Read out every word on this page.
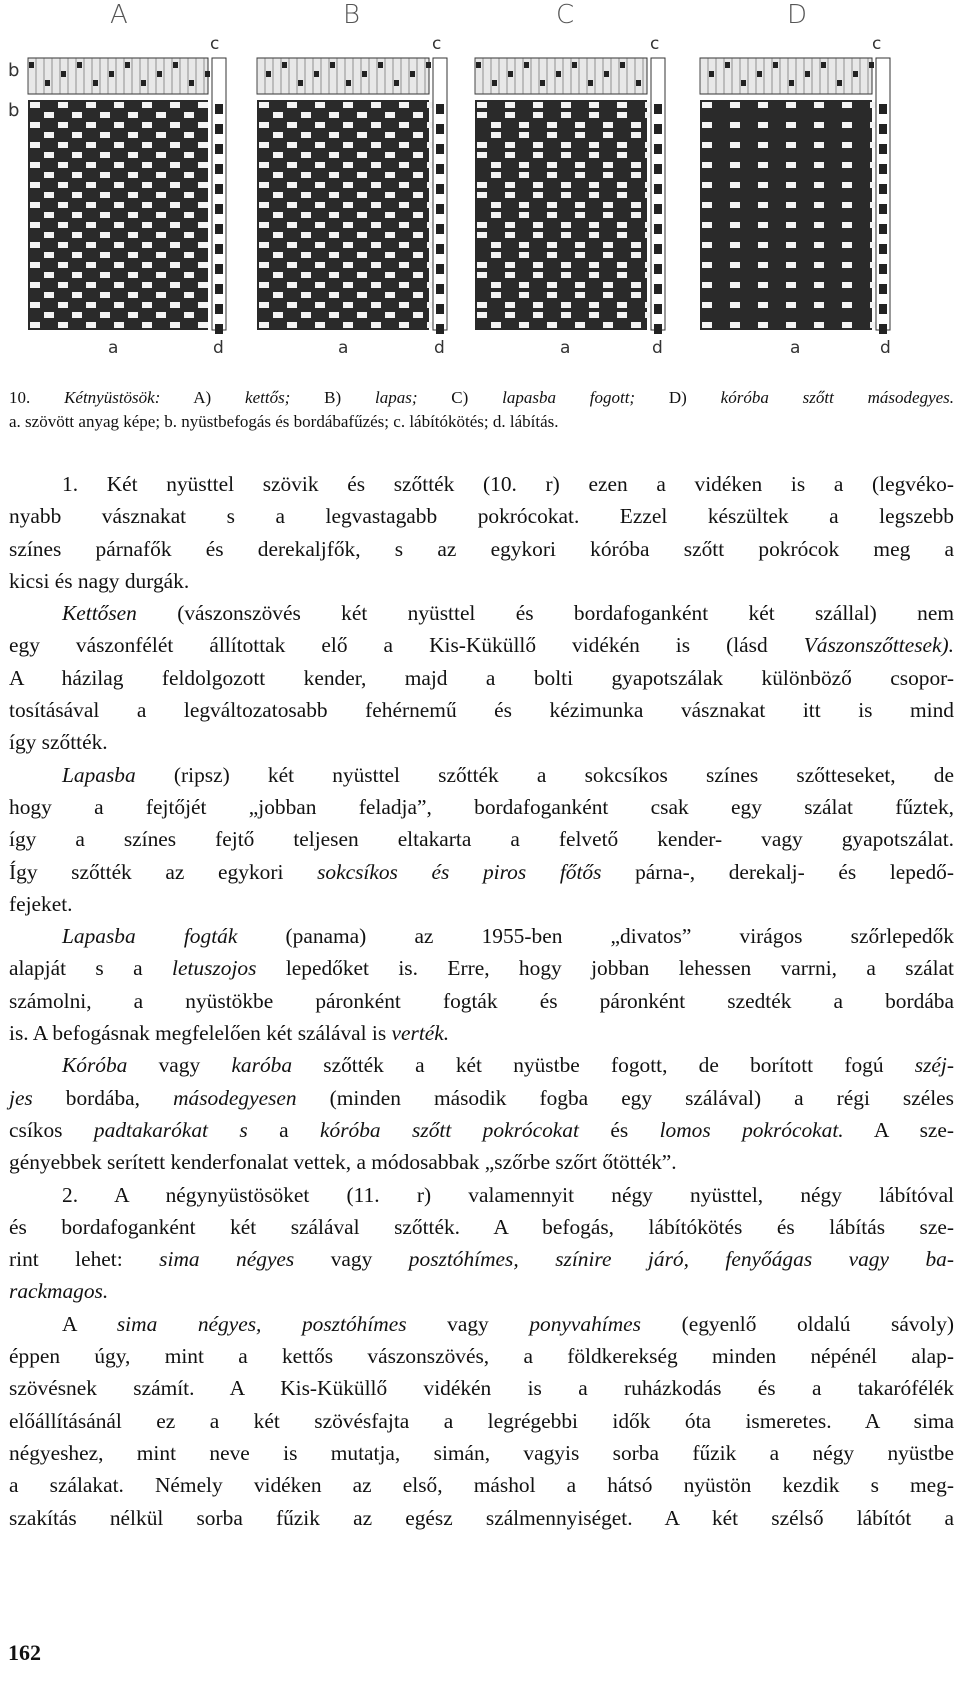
A	B	C	D
b
b
c	c	c	c
a	d	a	d	a	d	a	d
10. Kétnyüstösök: A) kettős; B) lapas; C) lapasba fogott; D) kóróba szőtt másodegyes.
a. szövött anyag képe; b. nyüstbefogás és bordábafűzés; c. lábítókötés; d. lábítás.
1. Két nyüsttel szövik és szőtték (10. r) ezen a vidéken is a (legvéko-
nyabb vásznakat s a legvastagabb pokrócokat. Ezzel készültek a legszebb
színes párnafők és derekaljfők, s az egykori kóróba szőtt pokrócok meg a
kicsi és nagy durgák.
Kettősen (vászonszövés két nyüsttel és bordafoganként két szállal) nem
egy vászonfélét állítottak elő a Kis-Küküllő vidékén is (lásd Vászonszőttesek).
A házilag feldolgozott kender, majd a bolti gyapotszálak különböző csopor-
tosításával a legváltozatosabb fehérnemű és kézimunka vásznakat itt is mind
így szőtték.
Lapasba (ripsz) két nyüsttel szőtték a sokcsíkos színes szőtteseket, de
hogy a fejtőjét „jobban feladja”, bordafoganként csak egy szálat fűztek,
így a színes fejtő teljesen eltakarta a felvető kender- vagy gyapotszálat.
Így szőtték az egykori sokcsíkos és piros főtős párna-, derekalj- és lepedő-
fejeket.
Lapasba fogták (panama) az 1955-ben „divatos” virágos szőrlepedők
alapját s a letuszojos lepedőket is. Erre, hogy jobban lehessen varrni, a szálat
számolni, a nyüstökbe páronként fogták és páronként szedték a bordába
is. A befogásnak megfelelően két szálával is verték.
Kóróba vagy karóba szőtték a két nyüstbe fogott, de borított fogú széj-
jes bordába, másodegyesen (minden második fogba egy szálával) a régi széles
csíkos padtakarókat s a kóróba szőtt pokrócokat és lomos pokrócokat. A sze-
gényebbek serített kenderfonalat vettek, a módosabbak „szőrbe szőrt őtötték”.
2. A négynyüstösöket (11. r) valamennyit négy nyüsttel, négy lábítóval
és bordafoganként két szálával szőtték. A befogás, lábítókötés és lábítás sze-
rint lehet: sima négyes vagy posztóhímes, színire járó, fenyőágas vagy ba-
rackmagos.
A sima négyes, posztóhímes vagy ponyvahímes (egyenlő oldalú sávoly)
éppen úgy, mint a kettős vászonszövés, a földkerekség minden népénél alap-
szövésnek számít. A Kis-Küküllő vidékén is a ruházkodás és a takarófélék
előállításánál ez a két szövésfajta a legrégebbi idők óta ismeretes. A sima
négyeshez, mint neve is mutatja, simán, vagyis sorba fűzik a négy nyüstbe
a szálakat. Némely vidéken az első, máshol a hátsó nyüstön kezdik s meg-
szakítás nélkül sorba fűzik az egész szálmennyiséget. A két szélső lábítót a
162
